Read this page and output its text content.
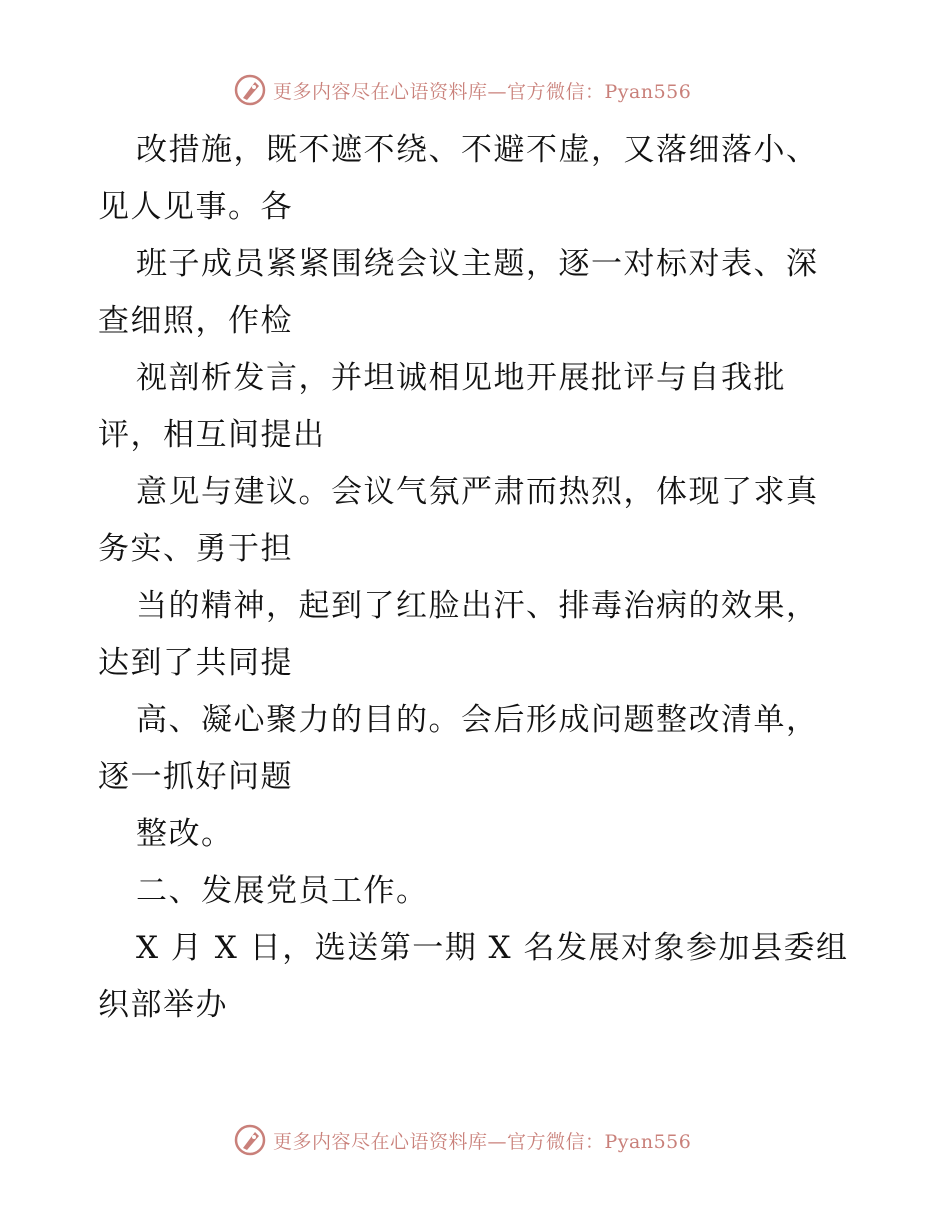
更多内容尽在心语资料库—官方微信：Pyan556

改措施，既不遮不绕、不避不虚，又落细落小、

见人见事。各

班子成员紧紧围绕会议主题，逐一对标对表、深

查细照，作检

视剖析发言，并坦诚相见地开展批评与自我批

评，相互间提出

意见与建议。会议气氛严肃而热烈，体现了求真

务实、勇于担

当的精神，起到了红脸出汗、排毒治病的效果，

达到了共同提

高、凝心聚力的目的。会后形成问题整改清单，

逐一抓好问题

整改。

二、发展党员工作。

X 月 X 日，选送第一期 X 名发展对象参加县委组

织部举办

更多内容尽在心语资料库—官方微信：Pyan556
